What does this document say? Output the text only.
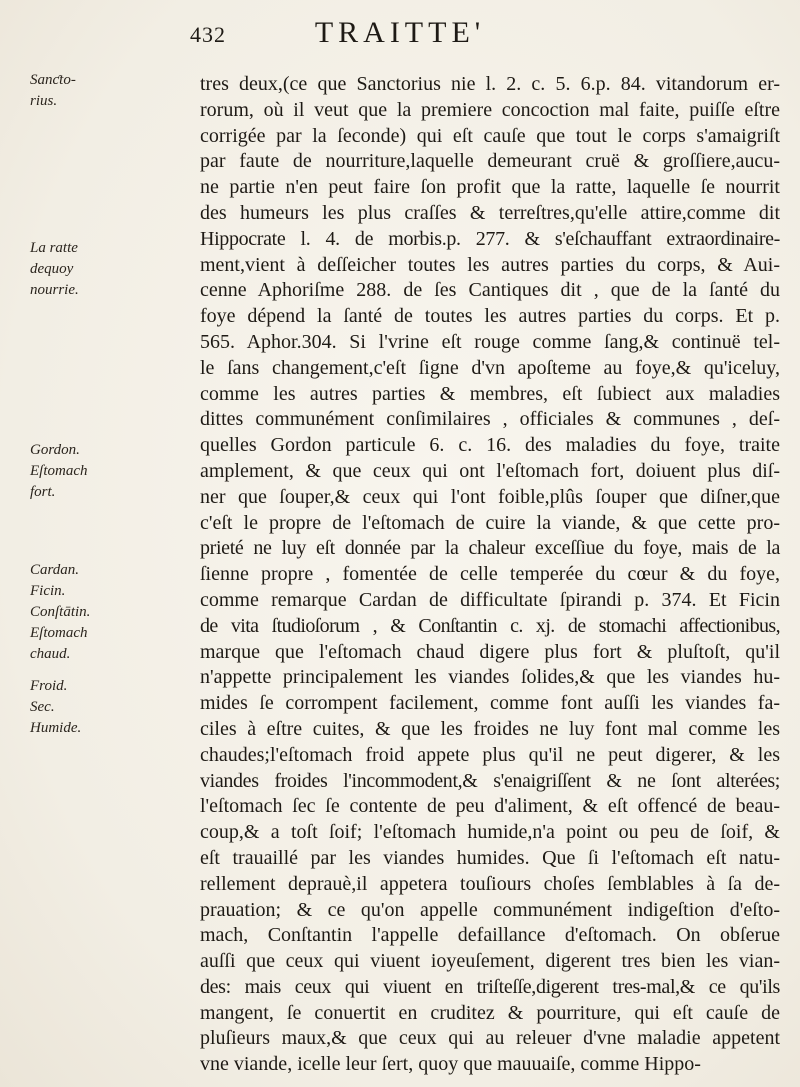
432	TRAITTE'
Sanƈto-
rius.
La ratte
dequoy
nourrie.
Gordon.
Eſtomach
fort.
Cardan.
Ficin.
Conſtātin.
Eſtomach
chaud.
Froid.
Sec.
Humide.
tres deux,(ce que Sanctorius nie l. 2. c. 5. 6.p. 84. vitandorum er-
rorum, où il veut que la premiere concoction mal faite, puiſſe eſtre
corrigée par la ſeconde) qui eſt cauſe que tout le corps s'amaigriſt
par faute de nourriture,laquelle demeurant cruë & groſſiere,aucu-
ne partie n'en peut faire ſon profit que la ratte, laquelle ſe nourrit
des humeurs les plus craſſes & terreſtres,qu'elle attire,comme dit
Hippocrate l. 4. de morbis.p. 277. & s'eſchauffant extraordinaire-
ment,vient à deſſeicher toutes les autres parties du corps, & Aui-
cenne Aphoriſme 288. de ſes Cantiques dit , que de la ſanté du
foye dépend la ſanté de toutes les autres parties du corps. Et p.
565. Aphor.304. Si l'vrine eſt rouge comme ſang,& continuë tel-
le ſans changement,c'eſt ſigne d'vn apoſteme au foye,& qu'iceluy,
comme les autres parties & membres, eſt ſubiect aux maladies
dittes communément conſimilaires , officiales & communes , deſ-
quelles Gordon particule 6. c. 16. des maladies du foye, traite
amplement, & que ceux qui ont l'eſtomach fort, doiuent plus diſ-
ner que ſouper,& ceux qui l'ont foible,plûs ſouper que diſner,que
c'eſt le propre de l'eſtomach de cuire la viande, & que cette pro-
prieté ne luy eſt donnée par la chaleur exceſſiue du foye, mais de la
ſienne propre , fomentée de celle temperée du cœur & du foye,
comme remarque Cardan de difficultate ſpirandi p. 374. Et Ficin
de vita ſtudioſorum , & Conſtantin c. xj. de stomachi affectionibus,
marque que l'eſtomach chaud digere plus fort & pluſtoſt, qu'il
n'appette principalement les viandes ſolides,& que les viandes hu-
mides ſe corrompent facilement, comme font auſſi les viandes fa-
ciles à eſtre cuites, & que les froides ne luy font mal comme les
chaudes;l'eſtomach froid appete plus qu'il ne peut digerer, & les
viandes froides l'incommodent,& s'enaigriſſent & ne ſont alterées;
l'eſtomach ſec ſe contente de peu d'aliment, & eſt offencé de beau-
coup,& a toſt ſoif; l'eſtomach humide,n'a point ou peu de ſoif, &
eſt trauaillé par les viandes humides. Que ſi l'eſtomach eſt natu-
rellement deprauè,il appetera touſiours choſes ſemblables à ſa de-
prauation; & ce qu'on appelle communément indigeſtion d'eſto-
mach, Conſtantin l'appelle defaillance d'eſtomach. On obſerue
auſſi que ceux qui viuent ioyeuſement, digerent tres bien les vian-
des: mais ceux qui viuent en triſteſſe,digerent tres-mal,& ce qu'ils
mangent, ſe conuertit en cruditez & pourriture, qui eſt cauſe de
pluſieurs maux,& que ceux qui au releuer d'vne maladie appetent
vne viande, icelle leur ſert, quoy que mauuaiſe, comme Hippo-
